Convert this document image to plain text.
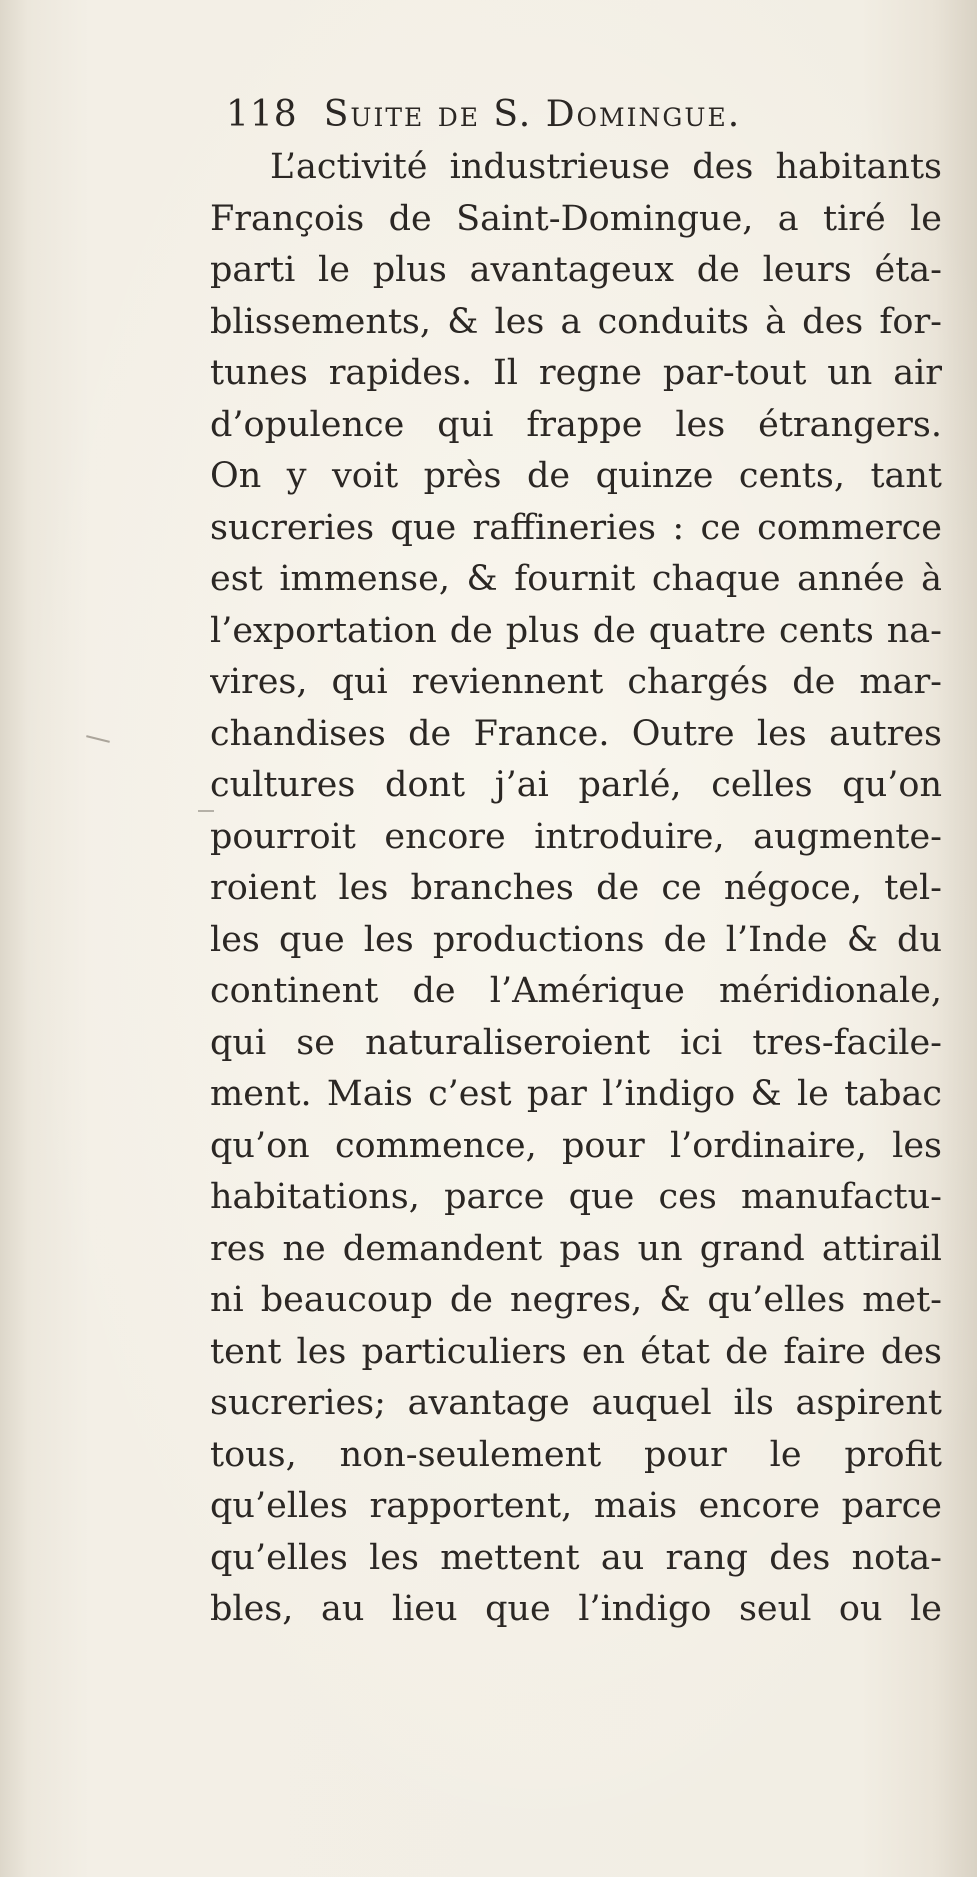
118 Suite de S. Domingue.
L’activité industrieuse des habitants
François de Saint-Domingue, a tiré le
parti le plus avantageux de leurs éta-
blissements, & les a conduits à des for-
tunes rapides. Il regne par-tout un air
d’opulence qui frappe les étrangers.
On y voit près de quinze cents, tant
sucreries que raffineries : ce commerce
est immense, & fournit chaque année à
l’exportation de plus de quatre cents na-
vires, qui reviennent chargés de mar-
chandises de France. Outre les autres
cultures dont j’ai parlé, celles qu’on
pourroit encore introduire, augmente-
roient les branches de ce négoce, tel-
les que les productions de l’Inde & du
continent de l’Amérique méridionale,
qui se naturaliseroient ici tres-facile-
ment. Mais c’est par l’indigo & le tabac
qu’on commence, pour l’ordinaire, les
habitations, parce que ces manufactu-
res ne demandent pas un grand attirail
ni beaucoup de negres, & qu’elles met-
tent les particuliers en état de faire des
sucreries; avantage auquel ils aspirent
tous, non-seulement pour le profit
qu’elles rapportent, mais encore parce
qu’elles les mettent au rang des nota-
bles, au lieu que l’indigo seul ou le
